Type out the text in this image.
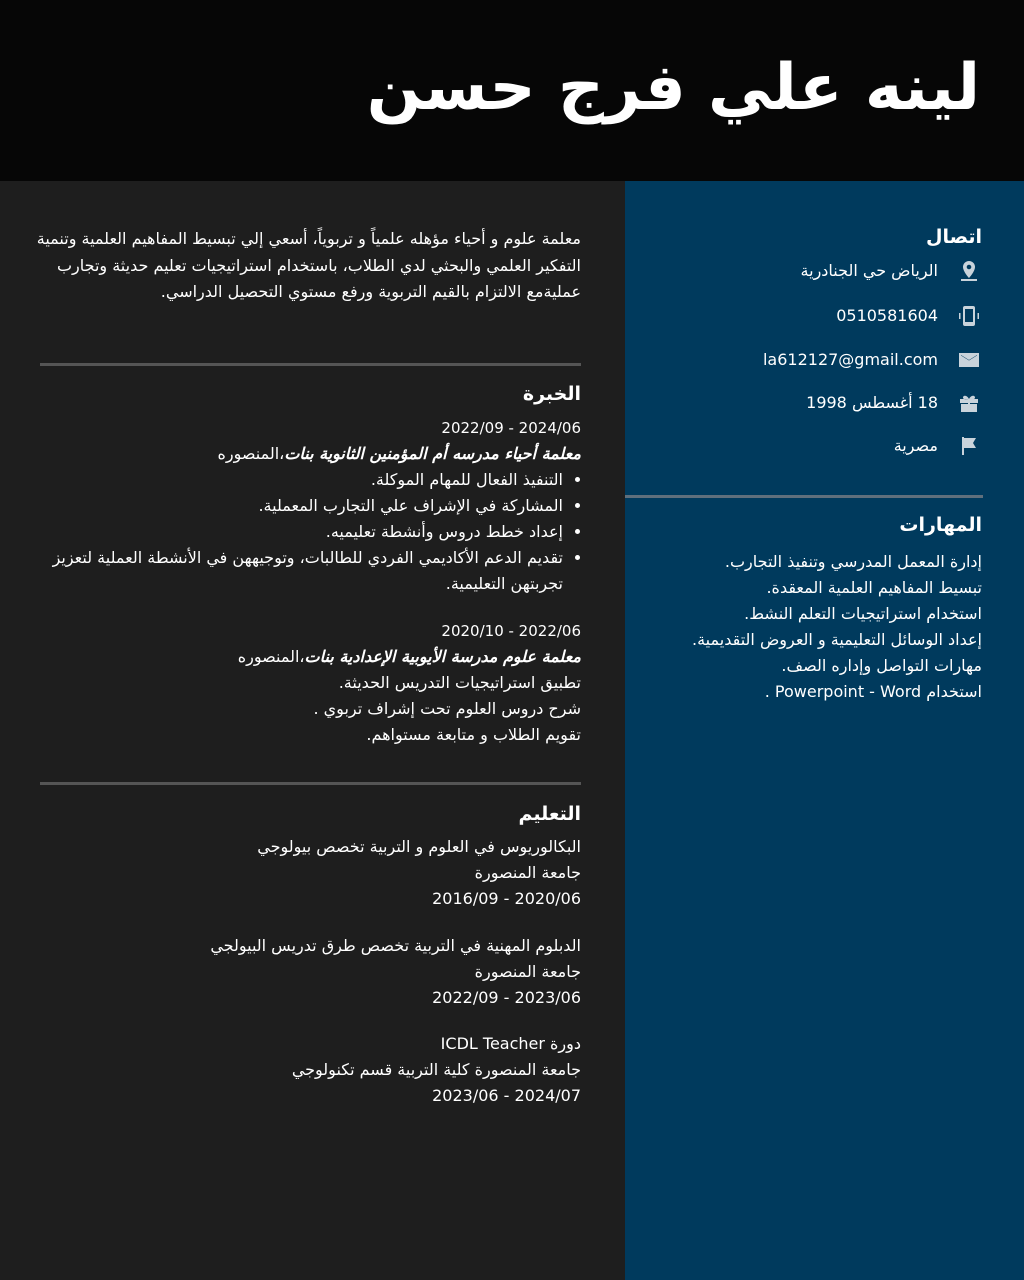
لينه علي فرج حسن
اتصال
الرياض حي الجنادرية
0510581604
la612127@gmail.com
18 أغسطس 1998
مصرية
المهارات
إدارة المعمل المدرسي وتنفيذ التجارب.
تبسيط المفاهيم العلمية المعقدة.
استخدام استراتيجيات التعلم النشط.
إعداد الوسائل التعليمية و العروض التقديمية.
مهارات التواصل وإداره الصف.
استخدام Powerpoint - Word .
معلمة علوم و أحياء مؤهله علمياً و تربوياً، أسعي إلي تبسيط المفاهيم العلمية وتنمية التفكير العلمي والبحثي لدي الطلاب، باستخدام استراتيجيات تعليم حديثة وتجارب عمليةمع الالتزام بالقيم التربوية ورفع مستوي التحصيل الدراسي.
الخبرة
2022/09 - 2024/06
معلمة أحياء مدرسه أم المؤمنين الثانوية بنات،المنصوره
• التنفيذ الفعال للمهام الموكلة.
• المشاركة في الإشراف علي التجارب المعملية.
• إعداد خطط دروس وأنشطة تعليميه.
• تقديم الدعم الأكاديمي الفردي للطالبات، وتوجيههن في الأنشطة العملية لتعزيز تجربتهن التعليمية.
2020/10 - 2022/06
معلمة علوم مدرسة الأيوبية الإعدادية بنات،المنصوره
تطبيق استراتيجيات التدريس الحديثة.
شرح دروس العلوم تحت إشراف تربوي .
تقويم الطلاب و متابعة مستواهم.
التعليم
البكالوريوس في العلوم و التربية تخصص بيولوجي
جامعة المنصورة
2016/09 - 2020/06
الدبلوم المهنية في التربية تخصص طرق تدريس البيولجي
جامعة المنصورة
2022/09 - 2023/06
دورة ICDL Teacher
جامعة المنصورة كلية التربية قسم تكنولوجي
2023/06 - 2024/07
